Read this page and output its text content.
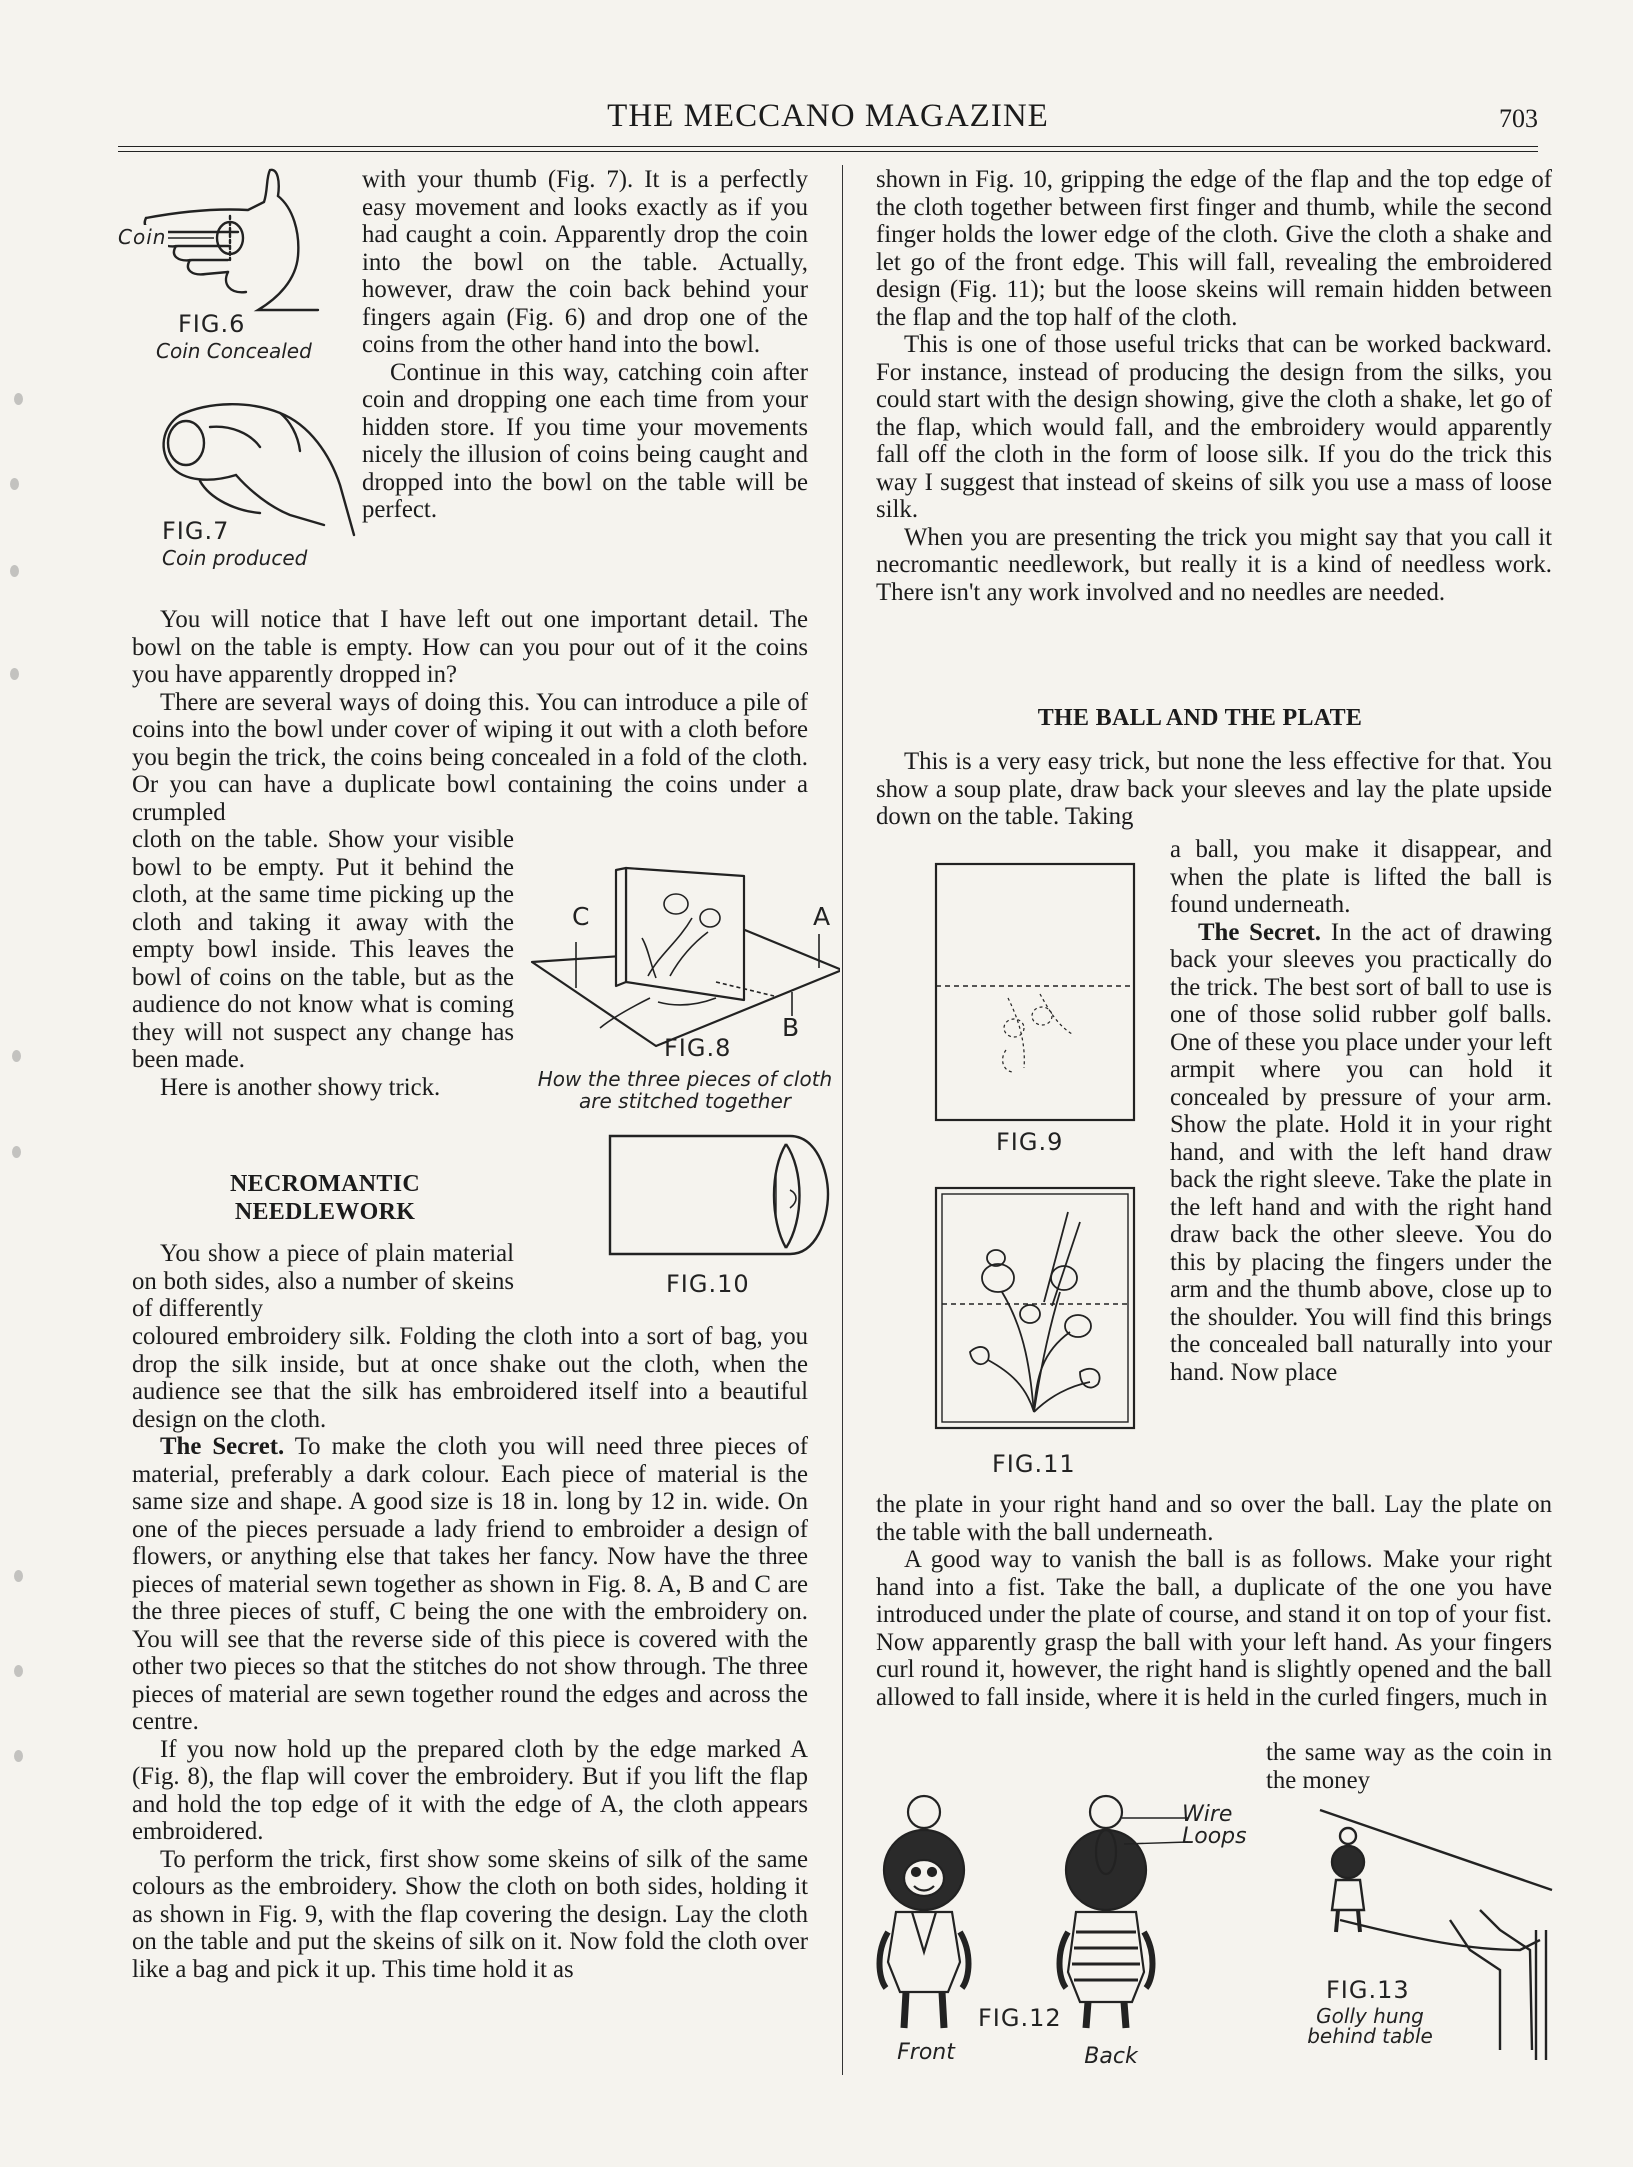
THE MECCANO MAGAZINE	703
Coin
FIG.6
Coin Concealed
FIG.7
Coin produced

with your thumb (Fig. 7). It is a perfectly easy movement and looks exactly as if you had caught a coin. Apparently drop the coin into the bowl on the table. Actually, however, draw the coin back behind your fingers again (Fig. 6) and drop one of the coins from the other hand into the bowl.

Continue in this way, catching coin after coin and dropping one each time from your hidden store. If you time your movements nicely the illusion of coins being caught and dropped into the bowl on the table will be perfect.

You will notice that I have left out one important detail. The bowl on the table is empty. How can you pour out of it the coins you have apparently dropped in?

There are several ways of doing this. You can introduce a pile of coins into the bowl under cover of wiping it out with a cloth before you begin the trick, the coins being concealed in a fold of the cloth. Or you can have a duplicate bowl containing the coins under a crumpled

cloth on the table. Show your visible bowl to be empty. Put it behind the cloth, at the same time picking up the cloth and taking it away with the empty bowl inside. This leaves the bowl of coins on the table, but as the audience do not know what is coming they will not suspect any change has been made.

Here is another showy trick.

NECROMANTIC NEEDLEWORK

You show a piece of plain material on both sides, also a number of skeins of differently

C	A
B
FIG.8
How the three pieces of cloth are stitched together
FIG.10

coloured embroidery silk. Folding the cloth into a sort of bag, you drop the silk inside, but at once shake out the cloth, when the audience see that the silk has embroidered itself into a beautiful design on the cloth.

The Secret. To make the cloth you will need three pieces of material, preferably a dark colour. Each piece of material is the same size and shape. A good size is 18 in. long by 12 in. wide. On one of the pieces persuade a lady friend to embroider a design of flowers, or anything else that takes her fancy. Now have the three pieces of material sewn together as shown in Fig. 8. A, B and C are the three pieces of stuff, C being the one with the embroidery on. You will see that the reverse side of this piece is covered with the other two pieces so that the stitches do not show through. The three pieces of material are sewn together round the edges and across the centre.

If you now hold up the prepared cloth by the edge marked A (Fig. 8), the flap will cover the embroidery. But if you lift the flap and hold the top edge of it with the edge of A, the cloth appears embroidered.

To perform the trick, first show some skeins of silk of the same colours as the embroidery. Show the cloth on both sides, holding it as shown in Fig. 9, with the flap covering the design. Lay the cloth on the table and put the skeins of silk on it. Now fold the cloth over like a bag and pick it up. This time hold it as

shown in Fig. 10, gripping the edge of the flap and the top edge of the cloth together between first finger and thumb, while the second finger holds the lower edge of the cloth. Give the cloth a shake and let go of the front edge. This will fall, revealing the embroidered design (Fig. 11); but the loose skeins will remain hidden between the flap and the top half of the cloth.

This is one of those useful tricks that can be worked backward. For instance, instead of producing the design from the silks, you could start with the design showing, give the cloth a shake, let go of the flap, which would fall, and the embroidery would apparently fall off the cloth in the form of loose silk. If you do the trick this way I suggest that instead of skeins of silk you use a mass of loose silk.

When you are presenting the trick you might say that you call it necromantic needlework, but really it is a kind of needless work. There isn't any work involved and no needles are needed.

THE BALL AND THE PLATE

This is a very easy trick, but none the less effective for that. You show a soup plate, draw back your sleeves and lay the plate upside down on the table. Taking

FIG.9
FIG.11

a ball, you make it disappear, and when the plate is lifted the ball is found underneath.

The Secret. In the act of drawing back your sleeves you practically do the trick. The best sort of ball to use is one of those solid rubber golf balls. One of these you place under your left armpit where you can hold it concealed by pressure of your arm. Show the plate. Hold it in your right hand, and with the left hand draw back the right sleeve. Take the plate in the left hand and with the right hand draw back the other sleeve. You do this by placing the fingers under the arm and the thumb above, close up to the shoulder. You will find this brings the concealed ball naturally into your hand. Now place

the plate in your right hand and so over the ball. Lay the plate on the table with the ball underneath.

A good way to vanish the ball is as follows. Make your right hand into a fist. Take the ball, a duplicate of the one you have introduced under the plate of course, and stand it on top of your fist. Now apparently grasp the ball with your left hand. As your fingers curl round it, however, the right hand is slightly opened and the ball allowed to fall inside, where it is held in the curled fingers, much in

the same way as the coin in the money

Wire Loops
FIG.12
Front	Back
FIG.13
Golly hung behind table
